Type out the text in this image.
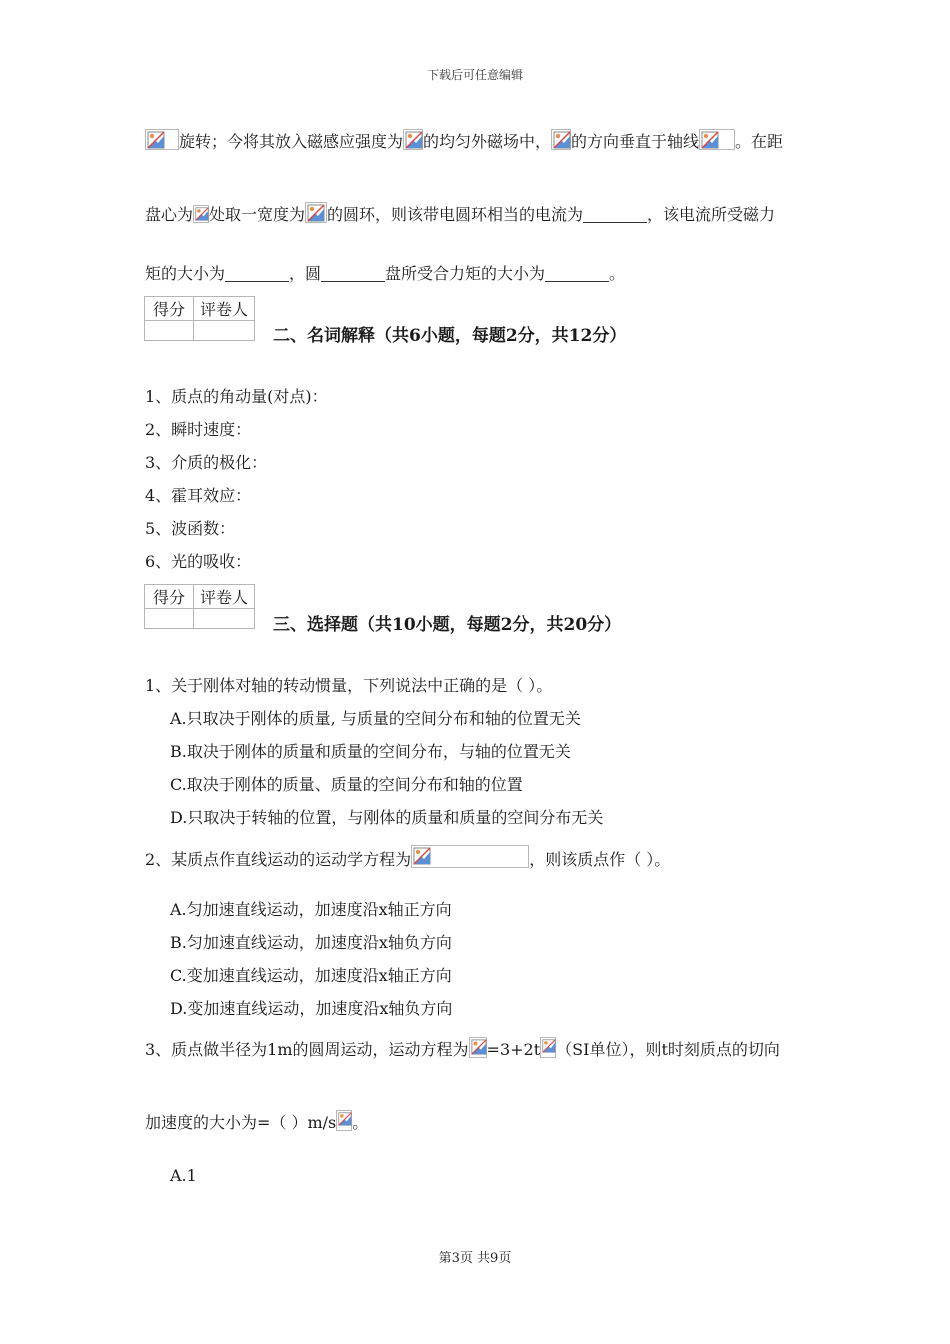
下载后可任意编辑
第3页 共9页
旋转；今将其放入磁感应强度为 的均匀外磁场中， 的方向垂直于轴线 。在距
盘心为 处取一宽度为 的圆环，则该带电圆环相当的电流为	，该电流所受磁力
矩的大小为	，圆	盘所受合力矩的大小为	。
得分	评卷人

二、名词解释（共6小题，每题2分，共12分）
1、质点的角动量(对点)：
2、瞬时速度：
3、介质的极化：
4、霍耳效应：
5、波函数：
6、光的吸收：
得分	评卷人

三、选择题（共10小题，每题2分，共20分）
1、关于刚体对轴的转动惯量，下列说法中正确的是（ ）。
A.只取决于刚体的质量, 与质量的空间分布和轴的位置无关
B.取决于刚体的质量和质量的空间分布，与轴的位置无关
C.取决于刚体的质量、质量的空间分布和轴的位置
D.只取决于转轴的位置，与刚体的质量和质量的空间分布无关
2、某质点作直线运动的运动学方程为	，则该质点作（ ）。
A.匀加速直线运动，加速度沿x轴正方向
B.匀加速直线运动，加速度沿x轴负方向
C.变加速直线运动，加速度沿x轴正方向
D.变加速直线运动，加速度沿x轴负方向
3、质点做半径为1m的圆周运动，运动方程为 =3+2t （SI单位），则t时刻质点的切向
加速度的大小为=（ ）m/s 。
A.1
